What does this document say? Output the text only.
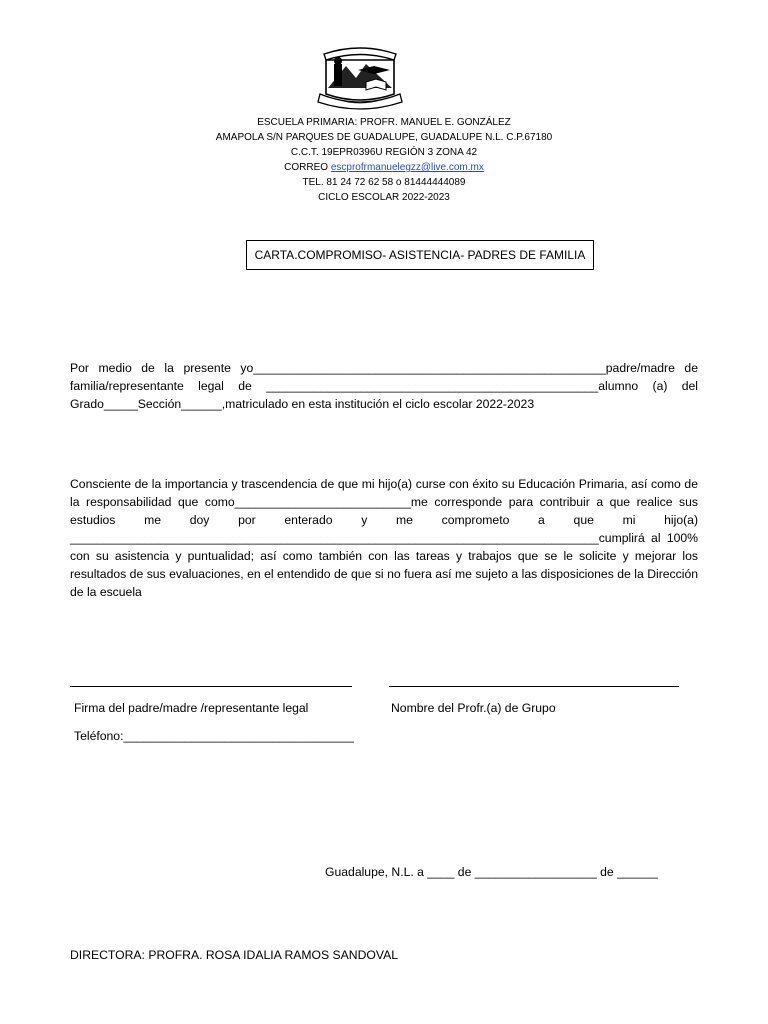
ESCUELA PRIMARIA: PROFR. MANUEL E. GONZÁLEZ
AMAPOLA S/N PARQUES DE GUADALUPE, GUADALUPE N.L. C.P.67180
C.C.T. 19EPR0396U REGIÓN 3 ZONA 42
CORREO escprofrmanuelegzz@live.com.mx
TEL. 81 24 72 62 58 o 81444444089
CICLO ESCOLAR 2022-2023
CARTA.COMPROMISO- ASISTENCIA- PADRES DE FAMILIA
Por medio de la presente yo____________________________________________________padre/madre de familia/representante legal de _________________________________________________alumno (a) del Grado_____Sección______,matriculado en esta institución el ciclo escolar 2022-2023
Consciente de la importancia y trascendencia de que mi hijo(a) curse con éxito su Educación Primaria, así como de la responsabilidad que como__________________________me corresponde para contribuir a que realice sus estudios me doy por enterado y me comprometo a que mi hijo(a) ______________________________________________________________________________cumplirá al 100% con su asistencia y puntualidad; así como también con las tareas y trabajos que se le solicite y mejorar los resultados de sus evaluaciones, en el entendido de que si no fuera así me sujeto a las disposiciones de la Dirección de la escuela
Firma del padre/madre /representante legal	Nombre del Profr.(a) de Grupo
Teléfono:__________________________________
Guadalupe, N.L. a ____ de __________________ de ______
DIRECTORA: PROFRA. ROSA IDALIA RAMOS SANDOVAL
